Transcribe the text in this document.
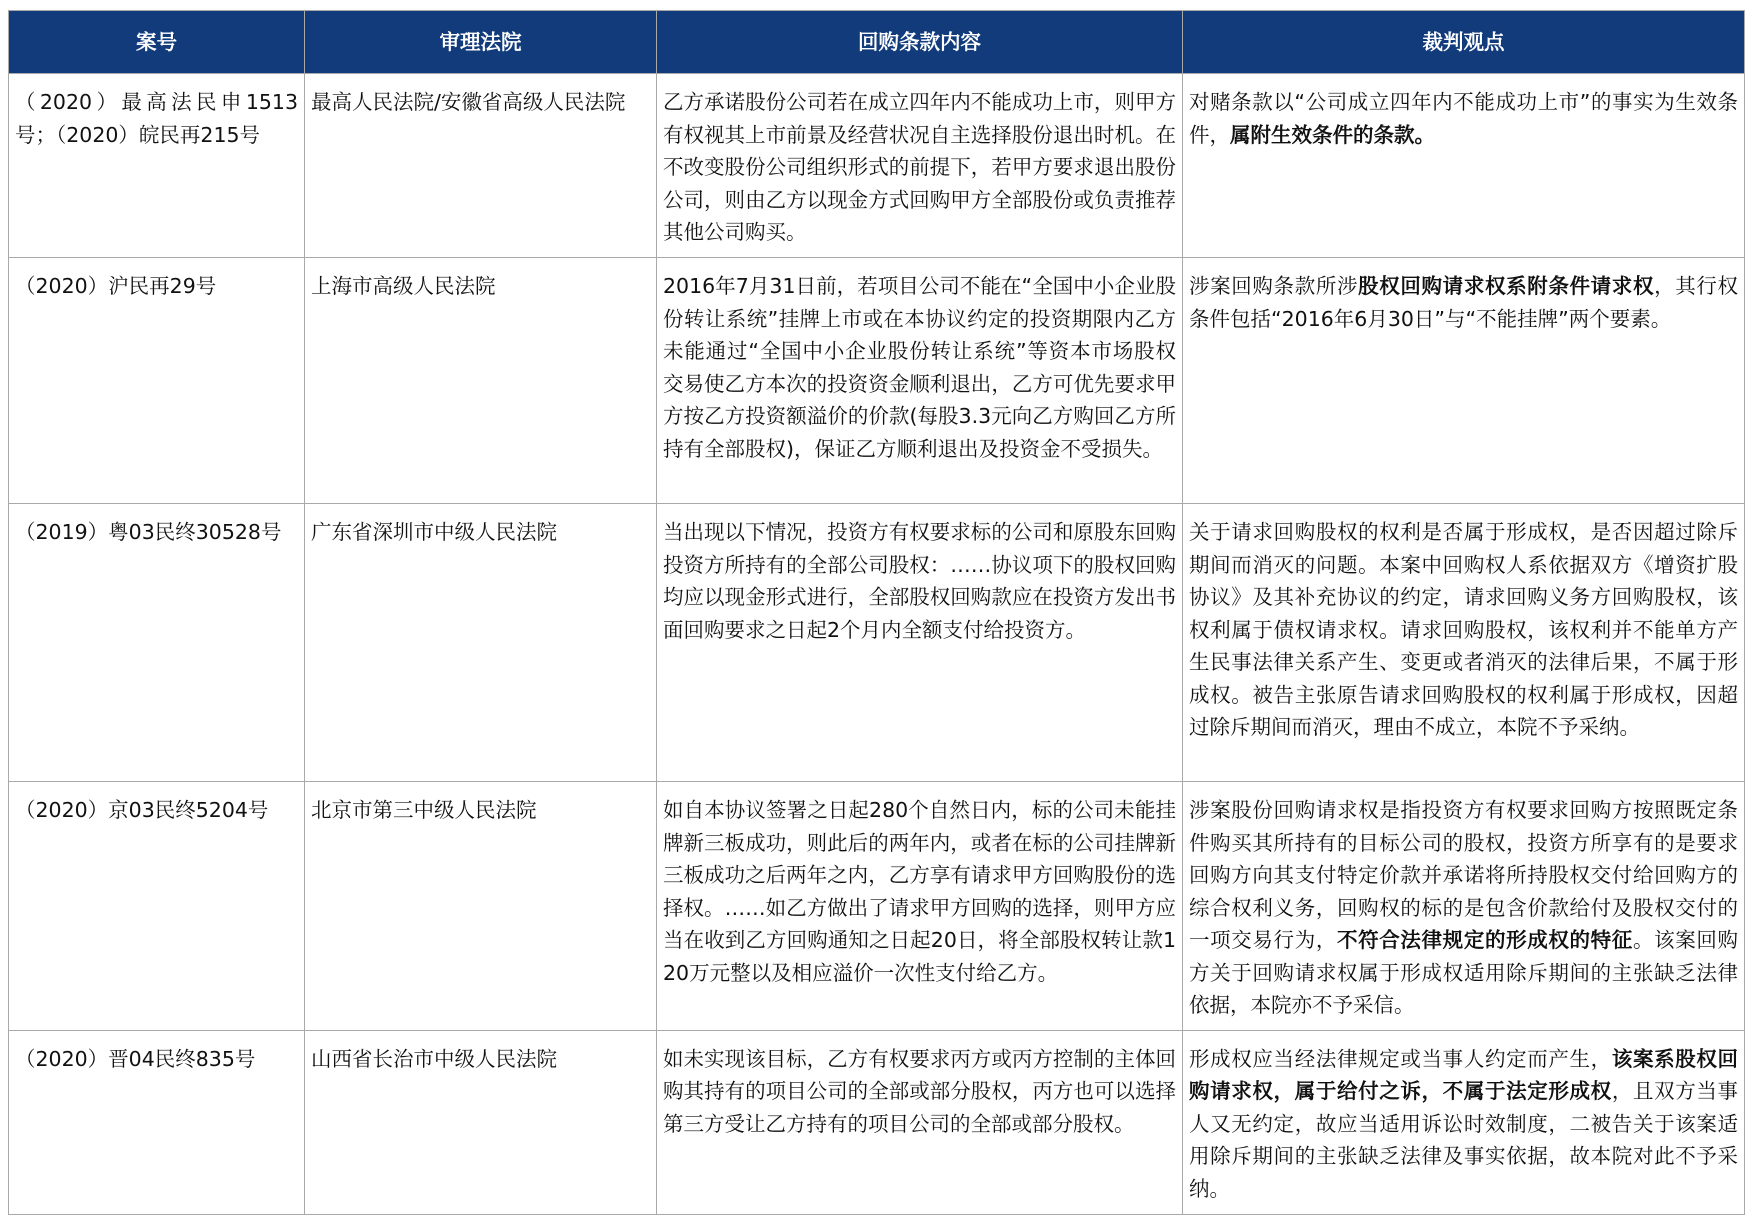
案号	审理法院	回购条款内容	裁判观点
（2020）最高法民申1513号；（2020）皖民再215号	最高人民法院/安徽省高级人民法院	乙方承诺股份公司若在成立四年内不能成功上市，则甲方有权视其上市前景及经营状况自主选择股份退出时机。在不改变股份公司组织形式的前提下，若甲方要求退出股份公司，则由乙方以现金方式回购甲方全部股份或负责推荐其他公司购买。	对赌条款以“公司成立四年内不能成功上市”的事实为生效条件，属附生效条件的条款。
（2020）沪民再29号	上海市高级人民法院	2016年7月31日前，若项目公司不能在“全国中小企业股份转让系统”挂牌上市或在本协议约定的投资期限内乙方未能通过“全国中小企业股份转让系统”等资本市场股权交易使乙方本次的投资资金顺利退出，乙方可优先要求甲方按乙方投资额溢价的价款(每股3.3元向乙方购回乙方所持有全部股权)，保证乙方顺利退出及投资金不受损失。	涉案回购条款所涉股权回购请求权系附条件请求权，其行权条件包括“2016年6月30日”与“不能挂牌”两个要素。
（2019）粤03民终30528号	广东省深圳市中级人民法院	当出现以下情况，投资方有权要求标的公司和原股东回购投资方所持有的全部公司股权：……协议项下的股权回购均应以现金形式进行，全部股权回购款应在投资方发出书面回购要求之日起2个月内全额支付给投资方。	关于请求回购股权的权利是否属于形成权，是否因超过除斥期间而消灭的问题。本案中回购权人系依据双方《增资扩股协议》及其补充协议的约定，请求回购义务方回购股权，该权利属于债权请求权。请求回购股权，该权利并不能单方产生民事法律关系产生、变更或者消灭的法律后果，不属于形成权。被告主张原告请求回购股权的权利属于形成权，因超过除斥期间而消灭，理由不成立，本院不予采纳。
（2020）京03民终5204号	北京市第三中级人民法院	如自本协议签署之日起280个自然日内，标的公司未能挂牌新三板成功，则此后的两年内，或者在标的公司挂牌新三板成功之后两年之内，乙方享有请求甲方回购股份的选择权。……如乙方做出了请求甲方回购的选择，则甲方应当在收到乙方回购通知之日起20日，将全部股权转让款120万元整以及相应溢价一次性支付给乙方。	涉案股份回购请求权是指投资方有权要求回购方按照既定条件购买其所持有的目标公司的股权，投资方所享有的是要求回购方向其支付特定价款并承诺将所持股权交付给回购方的综合权利义务，回购权的标的是包含价款给付及股权交付的一项交易行为，不符合法律规定的形成权的特征。该案回购方关于回购请求权属于形成权适用除斥期间的主张缺乏法律依据，本院亦不予采信。
（2020）晋04民终835号	山西省长治市中级人民法院	如未实现该目标，乙方有权要求丙方或丙方控制的主体回购其持有的项目公司的全部或部分股权，丙方也可以选择第三方受让乙方持有的项目公司的全部或部分股权。	形成权应当经法律规定或当事人约定而产生，该案系股权回购请求权，属于给付之诉，不属于法定形成权，且双方当事人又无约定，故应当适用诉讼时效制度，二被告关于该案适用除斥期间的主张缺乏法律及事实依据，故本院对此不予采纳。
